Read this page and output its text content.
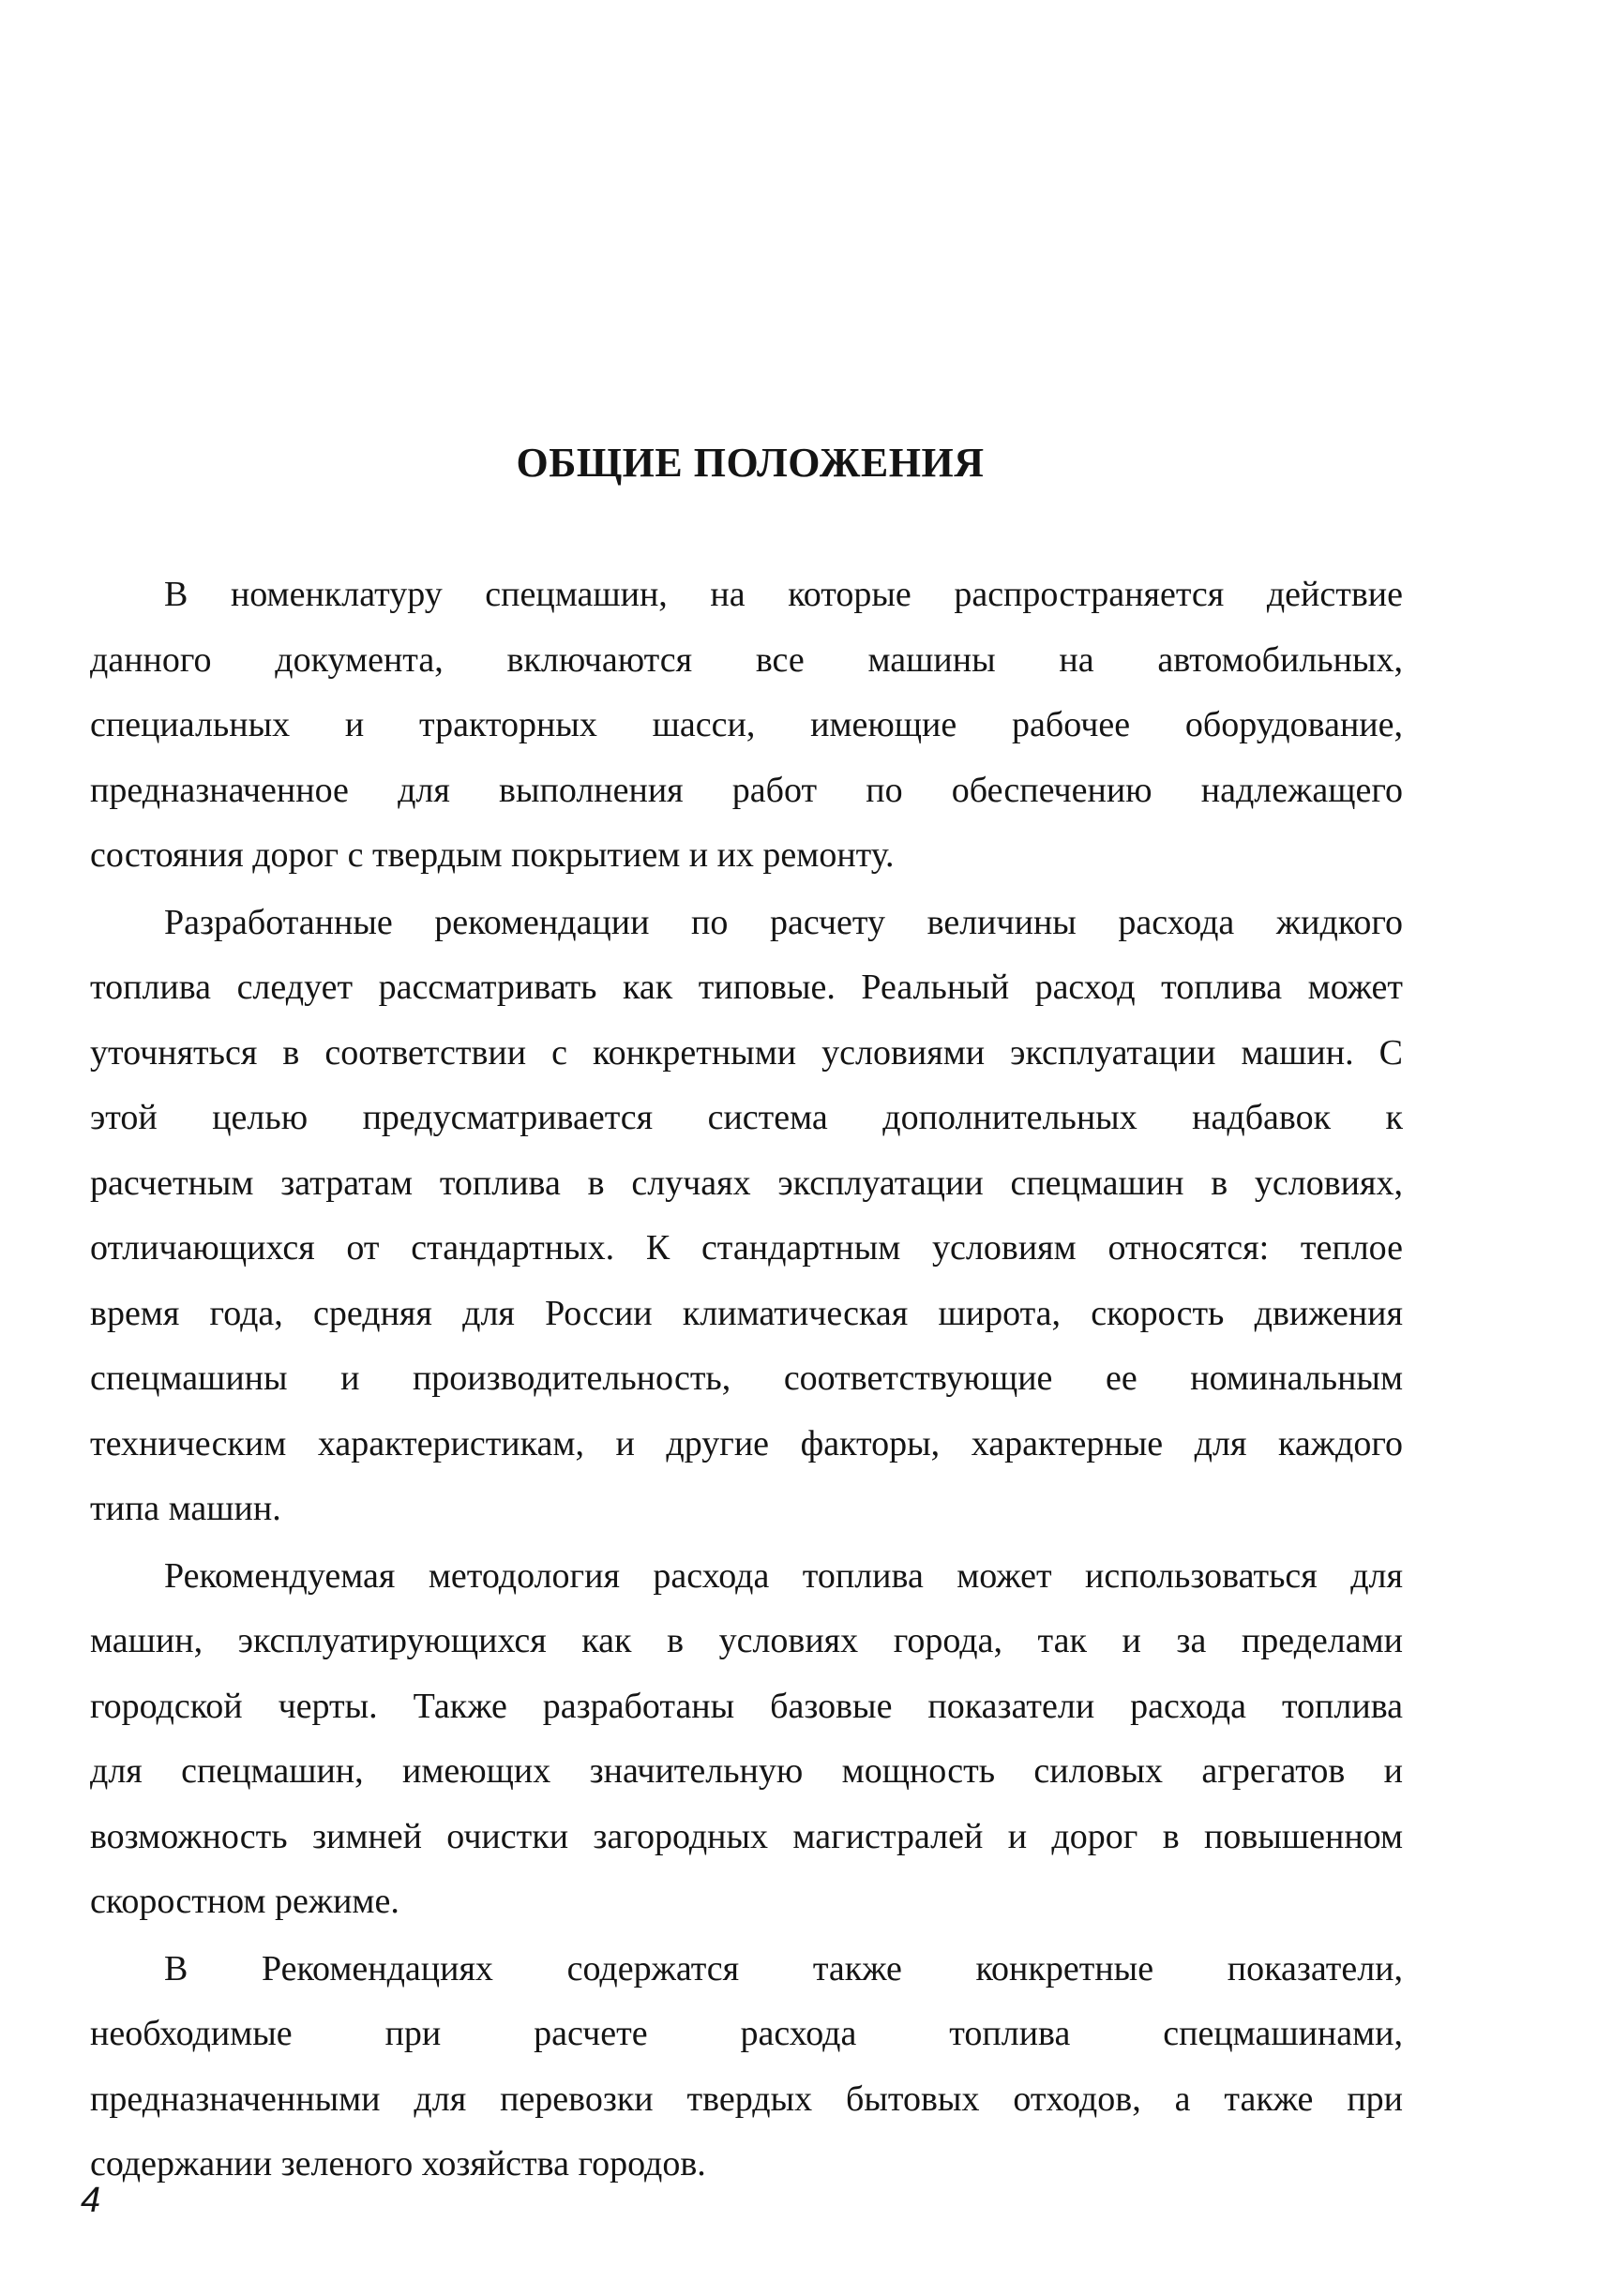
ОБЩИЕ ПОЛОЖЕНИЯ

В номенклатуру спецмашин, на которые распространяется действие
данного документа, включаются все машины на автомобильных,
специальных и тракторных шасси, имеющие рабочее оборудование,
предназначенное для выполнения работ по обеспечению надлежащего
состояния дорог с твердым покрытием и их ремонту.

Разработанные рекомендации по расчету величины расхода жидкого
топлива следует рассматривать как типовые. Реальный расход топлива может
уточняться в соответствии с конкретными условиями эксплуатации машин. С
этой целью предусматривается система дополнительных надбавок к
расчетным затратам топлива в случаях эксплуатации спецмашин в условиях,
отличающихся от стандартных. К стандартным условиям относятся: теплое
время года, средняя для России климатическая широта, скорость движения
спецмашины и производительность, соответствующие ее номинальным
техническим характеристикам, и другие факторы, характерные для каждого
типа машин.

Рекомендуемая методология расхода топлива может использоваться для
машин, эксплуатирующихся как в условиях города, так и за пределами
городской черты. Также разработаны базовые показатели расхода топлива
для спецмашин, имеющих значительную мощность силовых агрегатов и
возможность зимней очистки загородных магистралей и дорог в повышенном
скоростном режиме.

В Рекомендациях содержатся также конкретные показатели,
необходимые при расчете расхода топлива спецмашинами,
предназначенными для перевозки твердых бытовых отходов, а также при
содержании зеленого хозяйства городов.

4
